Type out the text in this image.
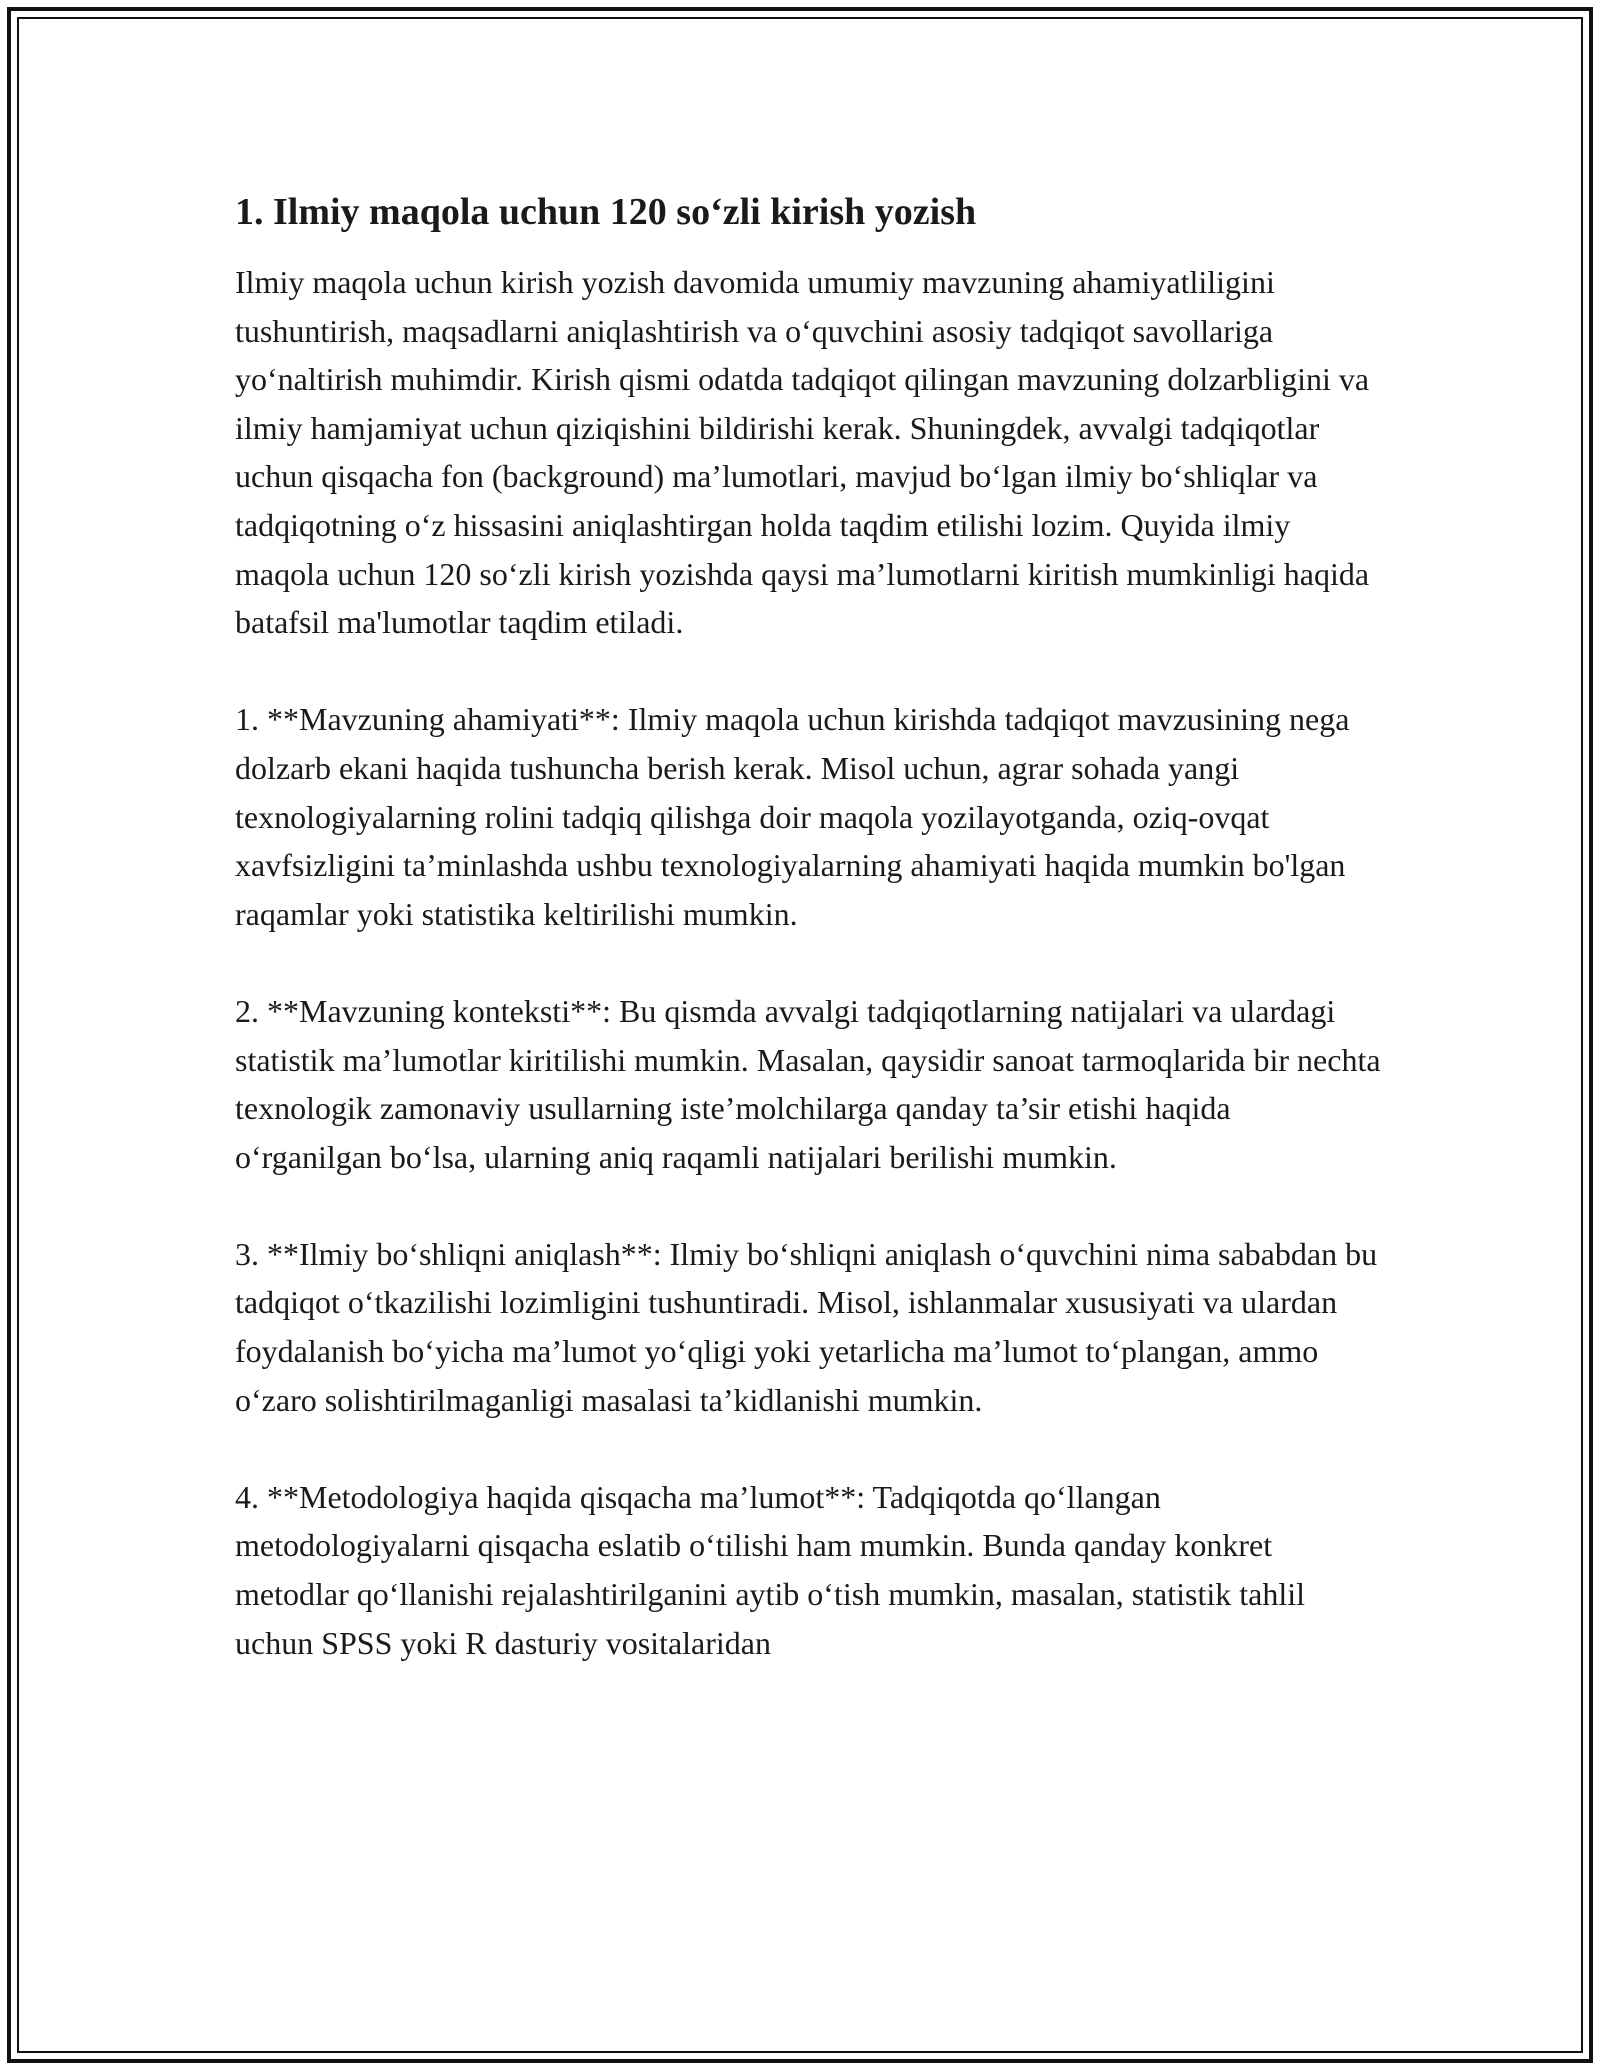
1. Ilmiy maqola uchun 120 so‘zli kirish yozish

Ilmiy maqola uchun kirish yozish davomida umumiy mavzuning ahamiyatliligini tushuntirish, maqsadlarni aniqlashtirish va o‘quvchini asosiy tadqiqot savollariga yo‘naltirish muhimdir. Kirish qismi odatda tadqiqot qilingan mavzuning dolzarbligini va ilmiy hamjamiyat uchun qiziqishini bildirishi kerak. Shuningdek, avvalgi tadqiqotlar uchun qisqacha fon (background) ma’lumotlari, mavjud bo‘lgan ilmiy bo‘shliqlar va tadqiqotning o‘z hissasini aniqlashtirgan holda taqdim etilishi lozim. Quyida ilmiy maqola uchun 120 so‘zli kirish yozishda qaysi ma’lumotlarni kiritish mumkinligi haqida batafsil ma'lumotlar taqdim etiladi.

1. **Mavzuning ahamiyati**: Ilmiy maqola uchun kirishda tadqiqot mavzusining nega dolzarb ekani haqida tushuncha berish kerak. Misol uchun, agrar sohada yangi texnologiyalarning rolini tadqiq qilishga doir maqola yozilayotganda, oziq-ovqat xavfsizligini ta’minlashda ushbu texnologiyalarning ahamiyati haqida mumkin bo'lgan raqamlar yoki statistika keltirilishi mumkin.

2. **Mavzuning konteksti**: Bu qismda avvalgi tadqiqotlarning natijalari va ulardagi statistik ma’lumotlar kiritilishi mumkin. Masalan, qaysidir sanoat tarmoqlarida bir nechta texnologik zamonaviy usullarning iste’molchilarga qanday ta’sir etishi haqida o‘rganilgan bo‘lsa, ularning aniq raqamli natijalari berilishi mumkin.

3. **Ilmiy bo‘shliqni aniqlash**: Ilmiy bo‘shliqni aniqlash o‘quvchini nima sababdan bu tadqiqot o‘tkazilishi lozimligini tushuntiradi. Misol, ishlanmalar xususiyati va ulardan foydalanish bo‘yicha ma’lumot yo‘qligi yoki yetarlicha ma’lumot to‘plangan, ammo o‘zaro solishtirilmaganligi masalasi ta’kidlanishi mumkin.

4. **Metodologiya haqida qisqacha ma’lumot**: Tadqiqotda qo‘llangan metodologiyalarni qisqacha eslatib o‘tilishi ham mumkin. Bunda qanday konkret metodlar qo‘llanishi rejalashtirilganini aytib o‘tish mumkin, masalan, statistik tahlil uchun SPSS yoki R dasturiy vositalaridan
